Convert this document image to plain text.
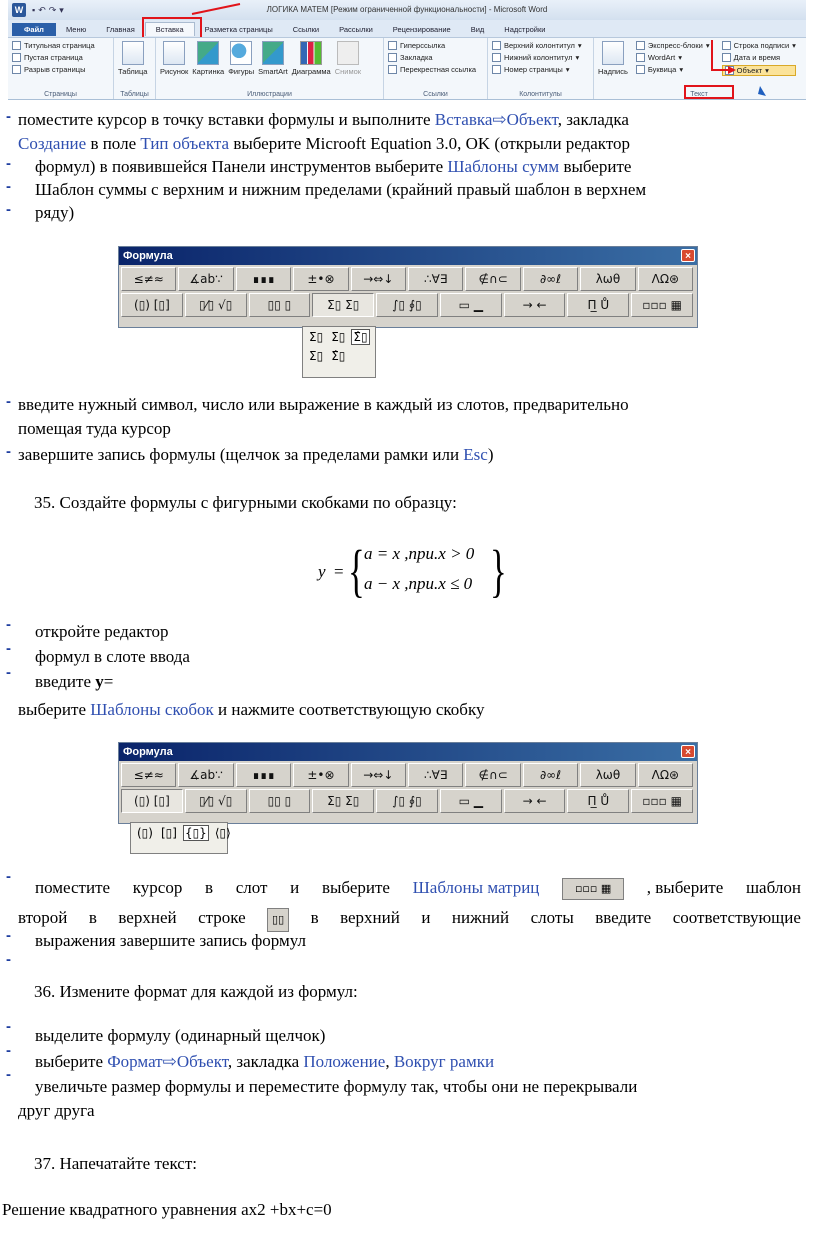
W ▪ ↶ ↷ ▾	ЛОГИКА МАТЕМ [Режим ограниченной функциональности] - Microsoft Word
Файл	Меню	Главная	Вставка	Разметка страницы	Ссылки	Рассылки	Рецензирование	Вид	Надстройки
Титульная страница
Пустая страница
Разрыв страницы
Страницы
Таблица
Таблицы
Рисунок Картинка Фигуры SmartArt Диаграмма Снимок
Иллюстрации
Гиперссылка
Закладка
Перекрестная ссылка
Ссылки
Верхний колонтитул ▾
Нижний колонтитул ▾
Номер страницы ▾
Колонтитулы
Надпись
Экспресс-блоки ▾
WordArt ▾
Буквица ▾
Строка подписи ▾
Дата и время
Объект ▾
Текст
- поместите курсор в точку вставки формулы и выполните Вставка⇨Объект, закладка
Создание в поле Тип объекта выберите Microoft Equation 3.0, OK (открыли редактор
- формул) в появившейся Панели инструментов выберите Шаблоны сумм выберите
- Шаблон суммы с верхним и нижним пределами (крайний правый шаблон в верхнем
- ряду)
Формула	×
≤≠≈	∡ab∵	∎∎∎	±•⊗	→⇔↓	∴∀∃	∉∩⊂	∂∞ℓ	λωθ	ΛΩ⊛
(▯) [▯]	▯⁄▯ √▯	▯▯ ▯	Σ▯ Σ▯	∫▯ ∮▯	▭ ▁	→ ←	Π̲ Ů	▫▫▫ ▦
Σ▯ Σ▯ Σ̂▯
Σ▯ Σ̂▯
- введите нужный символ, число или выражение в каждый из слотов, предварительно
помещая туда курсор
- завершите запись формулы (щелчок за пределами рамки или Esc)
35. Создайте формулы с фигурными скобками по образцу:
y = { a = x ,при.x > 0
a − x ,при.x ≤ 0 }
- откройте редактор
- формул в слоте ввода
- введите y=
выберите Шаблоны скобок и нажмите соответствующую скобку
Формула	×
≤≠≈	∡ab∵	∎∎∎	±•⊗	→⇔↓	∴∀∃	∉∩⊂	∂∞ℓ	λωθ	ΛΩ⊛
(▯) [▯]	▯⁄▯ √▯	▯▯ ▯	Σ▯ Σ▯	∫▯ ∮▯	▭ ▁	→ ←	Π̲ Ů	▫▫▫ ▦
(▯) [▯] {▯} ⟨▯⟩
-
поместите курсор в слот и выберите Шаблоны матриц	▫▫▫ ▦	, выберите шаблон
второй в верхней строке	▯▯ в верхний и нижний слоты введите соответствующие
- выражения завершите запись формул
-
36. Измените формат для каждой из формул:
- выделите формулу (одинарный щелчок)
-
выберите Формат⇨Объект, закладка Положение, Вокруг рамки
-
увеличьте размер формулы и переместите формулу так, чтобы они не перекрывали
друг друга
37. Напечатайте текст:
Решение квадратного уравнения ax2 +bx+c=0
